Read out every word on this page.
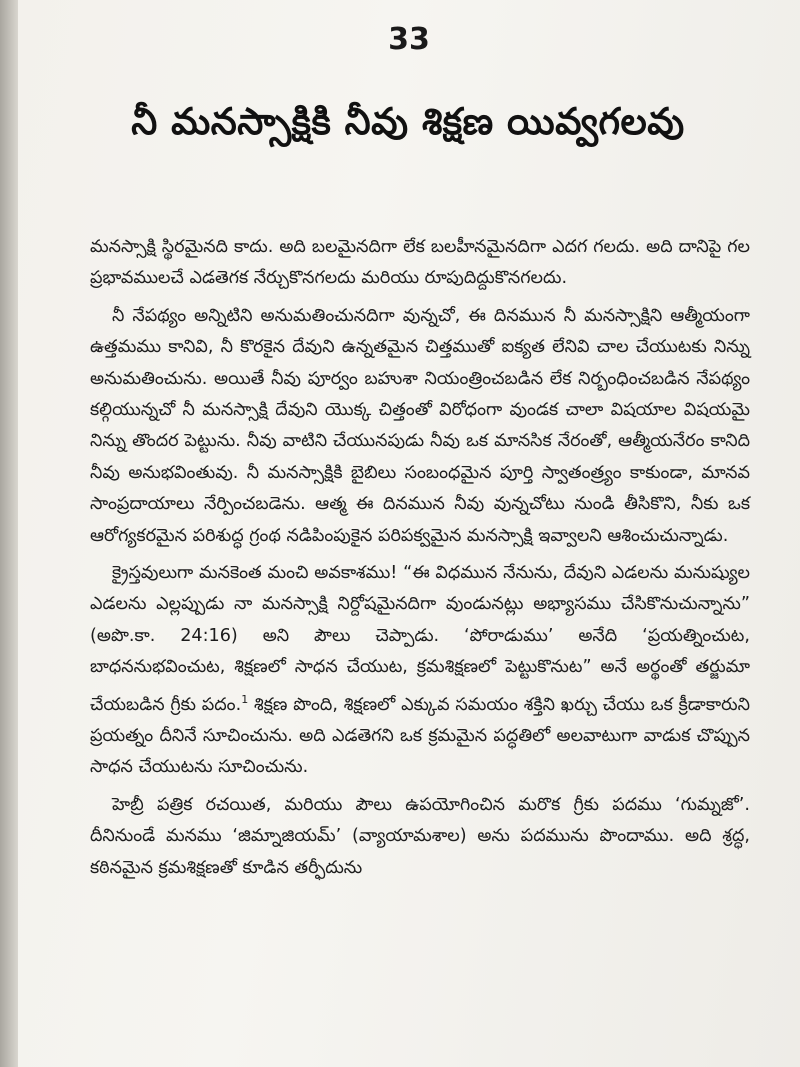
33
నీ మనస్సాక్షికి నీవు శిక్షణ యివ్వగలవు

మనస్సాక్షి స్థిరమైనది కాదు. అది బలమైనదిగా లేక బలహీనమైనదిగా ఎదగ గలదు. అది దానిపై గల ప్రభావములచే ఎడతెగక నేర్చుకొనగలదు మరియు రూపుదిద్దుకొనగలదు.

నీ నేపథ్యం అన్నిటిని అనుమతించునదిగా వున్నచో, ఈ దినమున నీ మనస్సాక్షిని ఆత్మీయంగా ఉత్తమము కానివి, నీ కొరకైన దేవుని ఉన్నతమైన చిత్తముతో ఐక్యత లేనివి చాల చేయుటకు నిన్ను అనుమతించును. అయితే నీవు పూర్వం బహుశా నియంత్రించబడిన లేక నిర్బంధించబడిన నేపథ్యం కల్గియున్నచో నీ మనస్సాక్షి దేవుని యొక్క చిత్తంతో విరోధంగా వుండక చాలా విషయాల విషయమై నిన్ను తొందర పెట్టును. నీవు వాటిని చేయునపుడు నీవు ఒక మానసిక నేరంతో, ఆత్మీయనేరం కానిది నీవు అనుభవింతువు. నీ మనస్సాక్షికి బైబిలు సంబంధమైన పూర్తి స్వాతంత్ర్యం కాకుండా, మానవ సాంప్రదాయాలు నేర్పించబడెను. ఆత్మ ఈ దినమున నీవు వున్నచోటు నుండి తీసికొని, నీకు ఒక ఆరోగ్యకరమైన పరిశుద్ధ గ్రంథ నడిపింపుకైన పరిపక్వమైన మనస్సాక్షి ఇవ్వాలని ఆశించుచున్నాడు.

క్రైస్తవులుగా మనకెంత మంచి అవకాశము! “ఈ విధమున నేనును, దేవుని ఎడలను మనుష్యుల ఎడలను ఎల్లప్పుడు నా మనస్సాక్షి నిర్దోషమైనదిగా వుండునట్లు అభ్యాసము చేసికొనుచున్నాను” (అపొ.కా. 24:16) అని పౌలు చెప్పాడు. ‘పోరాడుము’ అనేది ‘ప్రయత్నించుట, బాధననుభవించుట, శిక్షణలో సాధన చేయుట, క్రమశిక్షణలో పెట్టుకొనుట” అనే అర్థంతో తర్జుమా చేయబడిన గ్రీకు పదం.$^1$ శిక్షణ పొంది, శిక్షణలో ఎక్కువ సమయం శక్తిని ఖర్చు చేయు ఒక క్రీడాకారుని ప్రయత్నం దీనినే సూచించును. అది ఎడతెగని ఒక క్రమమైన పద్ధతిలో అలవాటుగా వాడుక చొప్పున సాధన చేయుటను సూచించును.

హెబ్రీ పత్రిక రచయిత, మరియు పౌలు ఉపయోగించిన మరొక గ్రీకు పదము ‘గుమ్నజో’. దీనినుండే మనము ‘జిమ్నాజియమ్’ (వ్యాయామశాల) అను పదమును పొందాము. అది శ్రద్ధ, కఠినమైన క్రమశిక్షణతో కూడిన తర్ఫీదును
